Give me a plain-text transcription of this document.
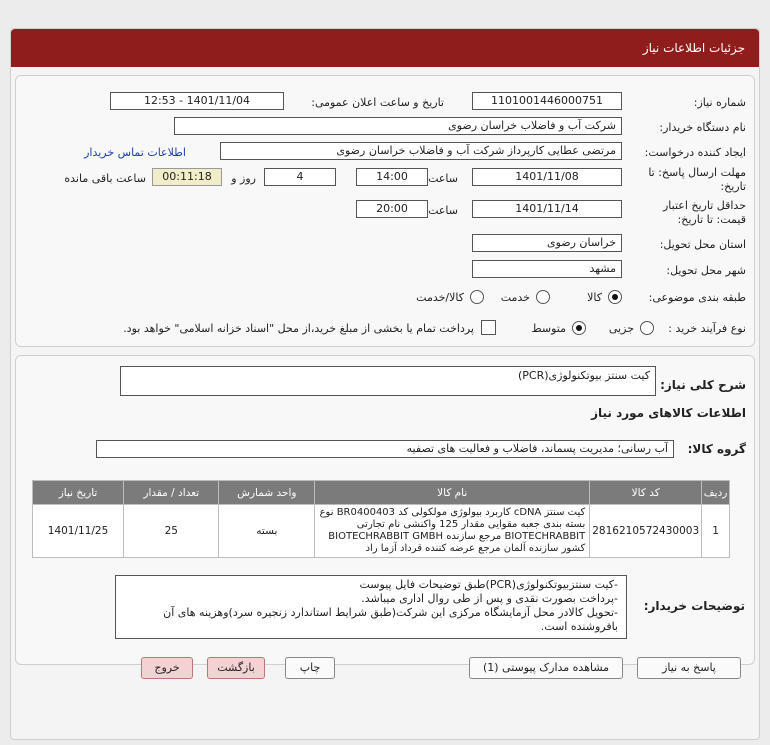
جزئیات اطلاعات نیاز
شماره نیاز:
1101001446000751
تاریخ و ساعت اعلان عمومی:
1401/11/04 - 12:53
نام دستگاه خریدار:
شرکت آب و فاضلاب خراسان رضوی
ایجاد کننده درخواست:
مرتضی عطایی کارپرداز شرکت آب و فاضلاب خراسان رضوی
اطلاعات تماس خریدار
مهلت ارسال پاسخ: تا
تاریخ:
1401/11/08
ساعت
14:00
4
روز و
00:11:18
ساعت باقی مانده
حداقل تاریخ اعتبار
قیمت: تا تاریخ:
1401/11/14
ساعت
20:00
استان محل تحویل:
خراسان رضوی
شهر محل تحویل:
مشهد
طبقه بندی موضوعی:
کالا
خدمت
کالا/خدمت
نوع فرآیند خرید :
جزیی
متوسط
پرداخت تمام یا بخشی از مبلغ خرید،از محل "اسناد خزانه اسلامی" خواهد بود.
شرح کلی نیاز:
کیت سنتز بیوتکنولوژی(PCR)
اطلاعات کالاهای مورد نیاز
گروه کالا:
آب رسانی؛ مدیریت پسماند، فاضلاب و فعالیت های تصفیه
ردیف	کد کالا	نام کالا	واحد شمارش	تعداد / مقدار	تاریخ نیاز
1	2816210572430003	کیت سنتز cDNA کاربرد بیولوژی مولکولی کد BR0400403 نوع بسته بندی جعبه مقوایی مقدار 125 واکنشی نام تجارتی BIOTECHRABBIT مرجع سازنده BIOTECHRABBIT GMBH کشور سازنده آلمان مرجع عرضه کننده قرداد آزما راد	بسته	25	1401/11/25
توضیحات خریدار:
-کیت سنتزبیوتکنولوژی(PCR)طبق توضیحات فایل پیوست
-پرداخت بصورت نقدی و پس از طی روال اداری میباشد.
-تحویل کالادر محل آزمایشگاه مرکزی این شرکت(طبق شرایط استاندارد زنجیره سرد)وهزینه های آن
بافروشنده است.
پاسخ به نیاز
مشاهده مدارک پیوستی (1)
چاپ
بازگشت
خروج
